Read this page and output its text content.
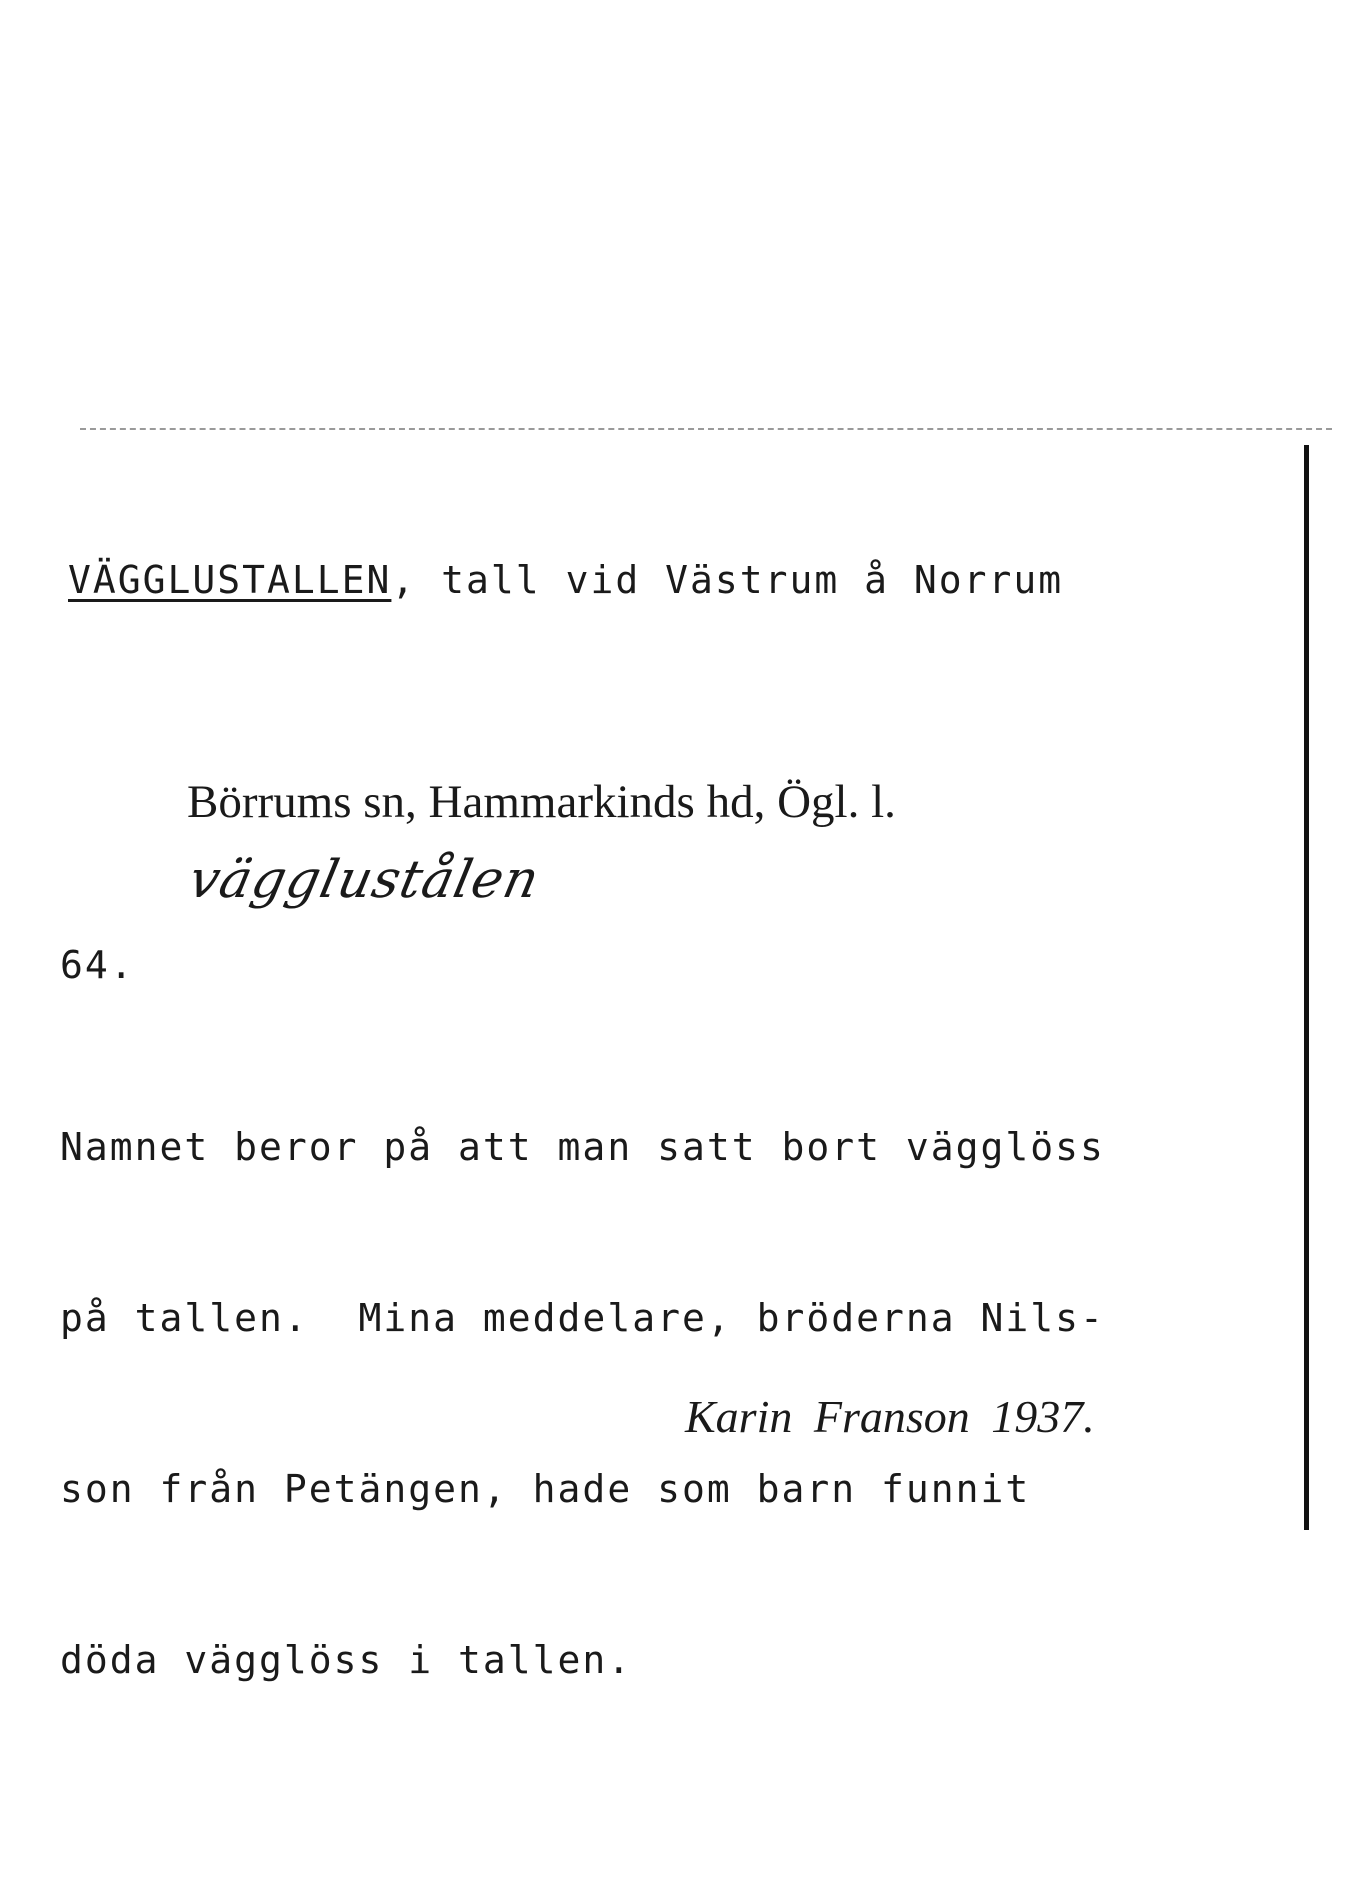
VÄGGLUSTALLEN, tall vid Västrum å Norrum
Börrums sn, Hammarkinds hd, Ögl. l.
vägglustålen
64.

Namnet beror på att man satt bort vägglöss

på tallen.  Mina meddelare, bröderna Nils-

son från Petängen, hade som barn funnit

döda vägglöss i tallen.

Karin Franson 1937.
